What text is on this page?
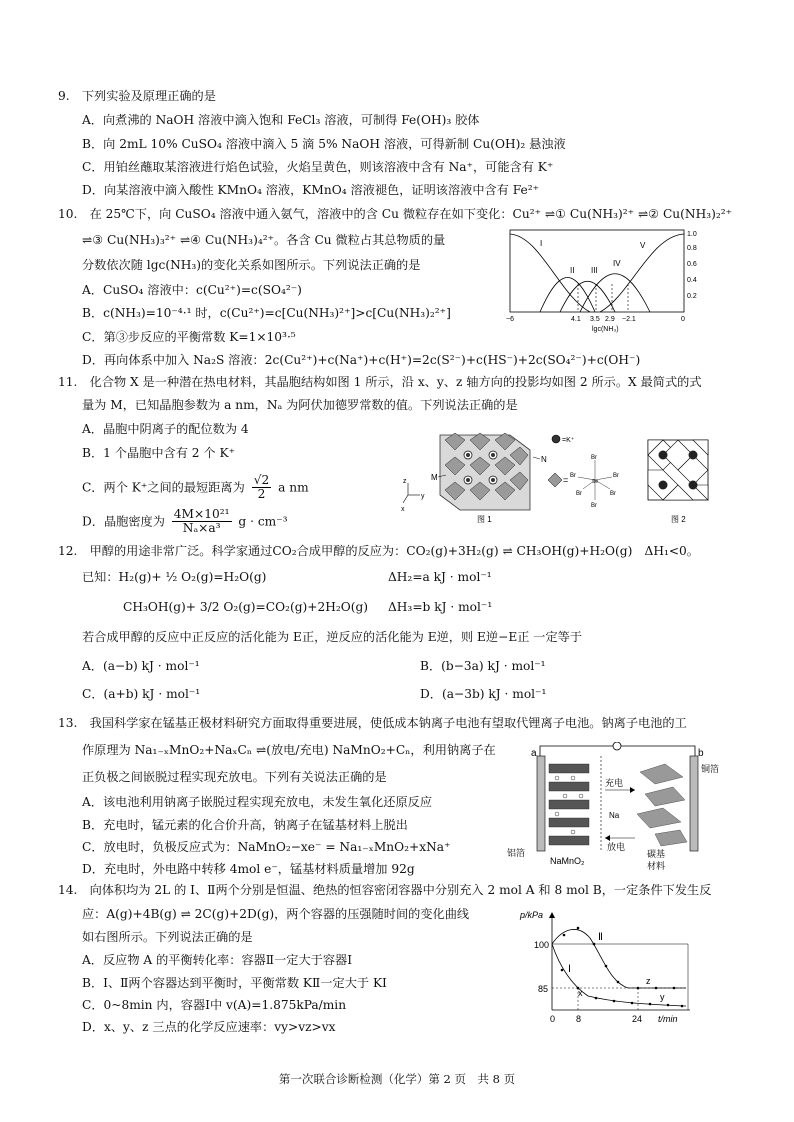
9.　下列实验及原理正确的是
A．向煮沸的 NaOH 溶液中滴入饱和 FeCl₃ 溶液，可制得 Fe(OH)₃ 胶体
B．向 2mL 10% CuSO₄ 溶液中滴入 5 滴 5% NaOH 溶液，可得新制 Cu(OH)₂ 悬浊液
C．用铂丝蘸取某溶液进行焰色试验，火焰呈黄色，则该溶液中含有 Na⁺，可能含有 K⁺
D．向某溶液中滴入酸性 KMnO₄ 溶液，KMnO₄ 溶液褪色，证明该溶液中含有 Fe²⁺
10.　在 25℃下，向 CuSO₄ 溶液中通入氨气，溶液中的含 Cu 微粒存在如下变化：Cu²⁺ ⇌① Cu(NH₃)²⁺ ⇌② Cu(NH₃)₂²⁺
⇌③ Cu(NH₃)₃²⁺ ⇌④ Cu(NH₃)₄²⁺。各含 Cu 微粒占其总物质的量
分数依次随 lgc(NH₃)的变化关系如图所示。下列说法正确的是
A．CuSO₄ 溶液中：c(Cu²⁺)=c(SO₄²⁻)
B．c(NH₃)=10⁻⁴·¹ 时，c(Cu²⁺)=c[Cu(NH₃)²⁺]>c[Cu(NH₃)₂²⁺]
C．第③步反应的平衡常数 K=1×10³·⁵
D．再向体系中加入 Na₂S 溶液：2c(Cu²⁺)+c(Na⁺)+c(H⁺)=2c(S²⁻)+c(HS⁻)+2c(SO₄²⁻)+c(OH⁻)
I
II III
IV
V
1.0
0.8
0.6
0.4
0.2
−6	4.1 3.5 2.9 −2.1	0
lgc(NH₃)
11.　化合物 X 是一种潜在热电材料，其晶胞结构如图 1 所示，沿 x、y、z 轴方向的投影均如图 2 所示。X 最简式的式
量为 M，已知晶胞参数为 a nm，Nₐ 为阿伏加德罗常数的值。下列说法正确的是
A．晶胞中阴离子的配位数为 4
B．1 个晶胞中含有 2 个 K⁺
C．两个 K⁺之间的最短距离为 $\frac{√2}{2}$ a nm
D．晶胞密度为 $\frac{\text{4M×10²¹}}{\text{Nₐ×a³}}$ g · cm⁻³
M
N
z
y
x
图 1
=K⁺
=
Br
Br
Br	Br
Br	Br
Se
图 2
12.　甲醇的用途非常广泛。科学家通过CO₂合成甲醇的反应为：CO₂(g)+3H₂(g) ⇌ CH₃OH(g)+H₂O(g)　ΔH₁<0。
已知：H₂(g)+ ½ O₂(g)=H₂O(g)	ΔH₂=a kJ · mol⁻¹
CH₃OH(g)+ 3/2 O₂(g)=CO₂(g)+2H₂O(g) ΔH₃=b kJ · mol⁻¹
若合成甲醇的反应中正反应的活化能为 E正，逆反应的活化能为 E逆，则 E逆−E正 一定等于
A．(a−b) kJ · mol⁻¹	B．(b−3a) kJ · mol⁻¹
C．(a+b) kJ · mol⁻¹	D．(a−3b) kJ · mol⁻¹
13.　我国科学家在锰基正极材料研究方面取得重要进展，使低成本钠离子电池有望取代锂离子电池。钠离子电池的工
作原理为 Na₁₋ₓMnO₂+NaₓCₙ ⇌(放电/充电) NaMnO₂+Cₙ，利用钠离子在
正负极之间嵌脱过程实现充放电。下列有关说法正确的是
A．该电池利用钠离子嵌脱过程实现充放电，未发生氧化还原反应
B．充电时，锰元素的化合价升高，钠离子在锰基材料上脱出
C．放电时，负极反应式为：NaMnO₂−xe⁻ = Na₁₋ₓMnO₂+xNa⁺
D．充电时，外电路中转移 4mol e⁻，锰基材料质量增加 92g
a	b
充电
Na
放电
铝箔
铜箔
NaMnO₂
碳基
材料
14.　向体积均为 2L 的 Ⅰ、Ⅱ两个分别是恒温、绝热的恒容密闭容器中分别充入 2 mol A 和 8 mol B，一定条件下发生反
应：A(g)+4B(g) ⇌ 2C(g)+2D(g)，两个容器的压强随时间的变化曲线
如右图所示。下列说法正确的是
A．反应物 A 的平衡转化率：容器Ⅱ一定大于容器Ⅰ
B．Ⅰ、Ⅱ两个容器达到平衡时，平衡常数 KⅡ一定大于 KⅠ
C．0~8min 内，容器Ⅰ中 v(A)=1.875kPa/min
D．x、y、z 三点的化学反应速率：vy>vz>vx
p/kPa
100
85
0 8	24 t/min
Ⅰ
Ⅱ
x	y
z
第一次联合诊断检测（化学）第 2 页　共 8 页
